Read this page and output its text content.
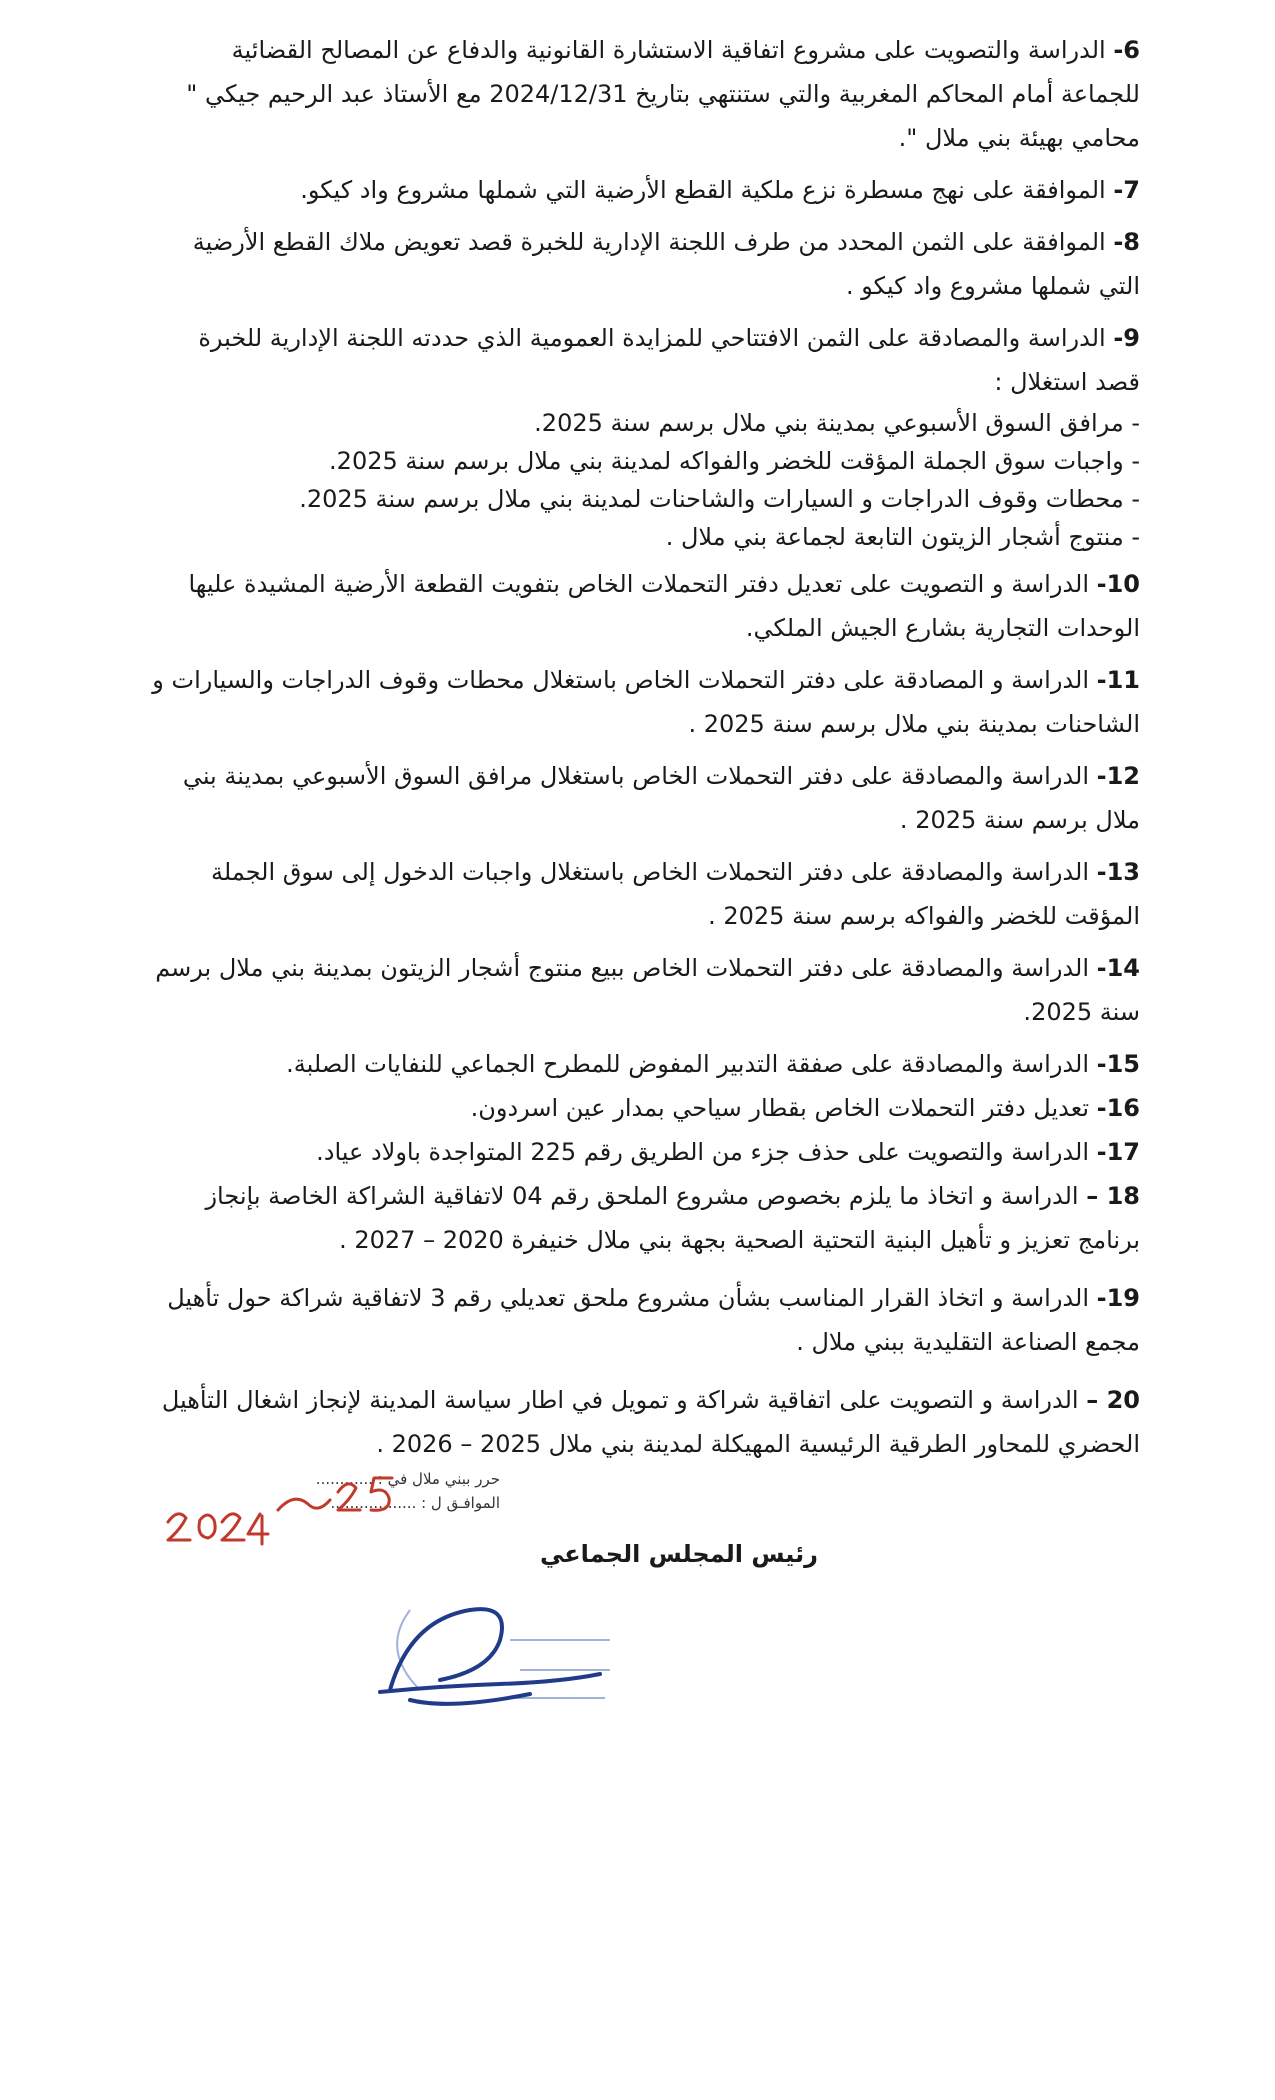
-6 الدراسة والتصويت على مشروع اتفاقية الاستشارة القانونية والدفاع عن المصالح القضائية للجماعة أمام المحاكم المغربية والتي ستنتهي بتاريخ 2024/12/31 مع الأستاذ عبد الرحيم جيكي " محامي بهيئة بني ملال ".

-7 الموافقة على نهج مسطرة نزع ملكية القطع الأرضية التي شملها مشروع واد كيكو.

-8 الموافقة على الثمن المحدد من طرف اللجنة الإدارية للخبرة قصد تعويض ملاك القطع الأرضية التي شملها مشروع واد كيكو .

-9 الدراسة والمصادقة على الثمن الافتتاحي للمزايدة العمومية الذي حددته اللجنة الإدارية للخبرة قصد استغلال :

- مرافق السوق الأسبوعي بمدينة بني ملال برسم سنة 2025.

- واجبات سوق الجملة المؤقت للخضر والفواكه لمدينة بني ملال برسم سنة 2025.

- محطات وقوف الدراجات و السيارات والشاحنات لمدينة بني ملال برسم سنة 2025.

- منتوج أشجار الزيتون التابعة لجماعة بني ملال .

-10 الدراسة و التصويت على تعديل دفتر التحملات الخاص بتفويت القطعة الأرضية المشيدة عليها الوحدات التجارية بشارع الجيش الملكي.

-11 الدراسة و المصادقة على دفتر التحملات الخاص باستغلال محطات وقوف الدراجات والسيارات و الشاحنات بمدينة بني ملال برسم سنة 2025 .

-12 الدراسة والمصادقة على دفتر التحملات الخاص باستغلال مرافق السوق الأسبوعي بمدينة بني ملال برسم سنة 2025 .

-13 الدراسة والمصادقة على دفتر التحملات الخاص باستغلال واجبات الدخول إلى سوق الجملة المؤقت للخضر والفواكه برسم سنة 2025 .

-14 الدراسة والمصادقة على دفتر التحملات الخاص ببيع منتوج أشجار الزيتون بمدينة بني ملال برسم سنة 2025.

-15 الدراسة والمصادقة على صفقة التدبير المفوض للمطرح الجماعي للنفايات الصلبة.

-16 تعديل دفتر التحملات الخاص بقطار سياحي بمدار عين اسردون.

-17 الدراسة والتصويت على حذف جزء من الطريق رقم 225 المتواجدة باولاد عياد.

– 18 الدراسة و اتخاذ ما يلزم بخصوص مشروع الملحق رقم 04 لاتفاقية الشراكة الخاصة بإنجاز برنامج تعزيز و تأهيل البنية التحتية الصحية بجهة بني ملال خنيفرة 2020 – 2027 .

-19 الدراسة و اتخاذ القرار المناسب بشأن مشروع ملحق تعديلي رقم 3 لاتفاقية شراكة حول تأهيل مجمع الصناعة التقليدية ببني ملال .

– 20 الدراسة و التصويت على اتفاقية شراكة و تمويل في اطار سياسة المدينة لإنجاز اشغال التأهيل الحضري للمحاور الطرقية الرئيسية المهيكلة لمدينة بني ملال 2025 – 2026 .

حرر ببني ملال في : ............
الموافـق ل : ..................
رئيس المجلس الجماعي
